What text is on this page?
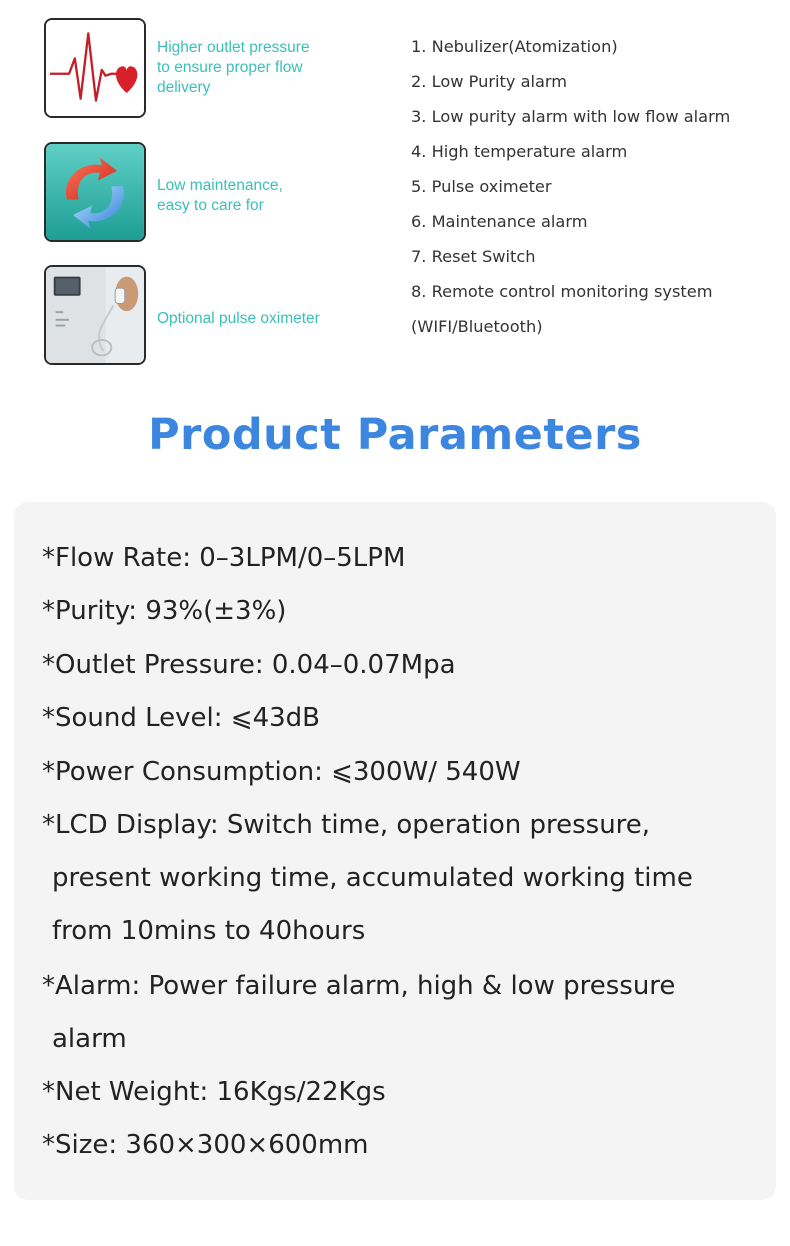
Higher outlet pressure
to ensure proper flow
delivery
Low maintenance,
easy to care for
Optional pulse oximeter
1. Nebulizer(Atomization)
2. Low Purity alarm
3. Low purity alarm with low flow alarm
4. High temperature alarm
5. Pulse oximeter
6. Maintenance alarm
7. Reset Switch
8. Remote control monitoring system
(WIFI/Bluetooth)
Product Parameters
*Flow Rate: 0–3LPM/0–5LPM
*Purity: 93%(±3%)
*Outlet Pressure: 0.04–0.07Mpa
*Sound Level: ⩽43dB
*Power Consumption: ⩽300W/ 540W
*LCD Display: Switch time, operation pressure,
present working time, accumulated working time
from 10mins to 40hours
*Alarm: Power failure alarm, high & low pressure
alarm
*Net Weight: 16Kgs/22Kgs
*Size: 360×300×600mm
